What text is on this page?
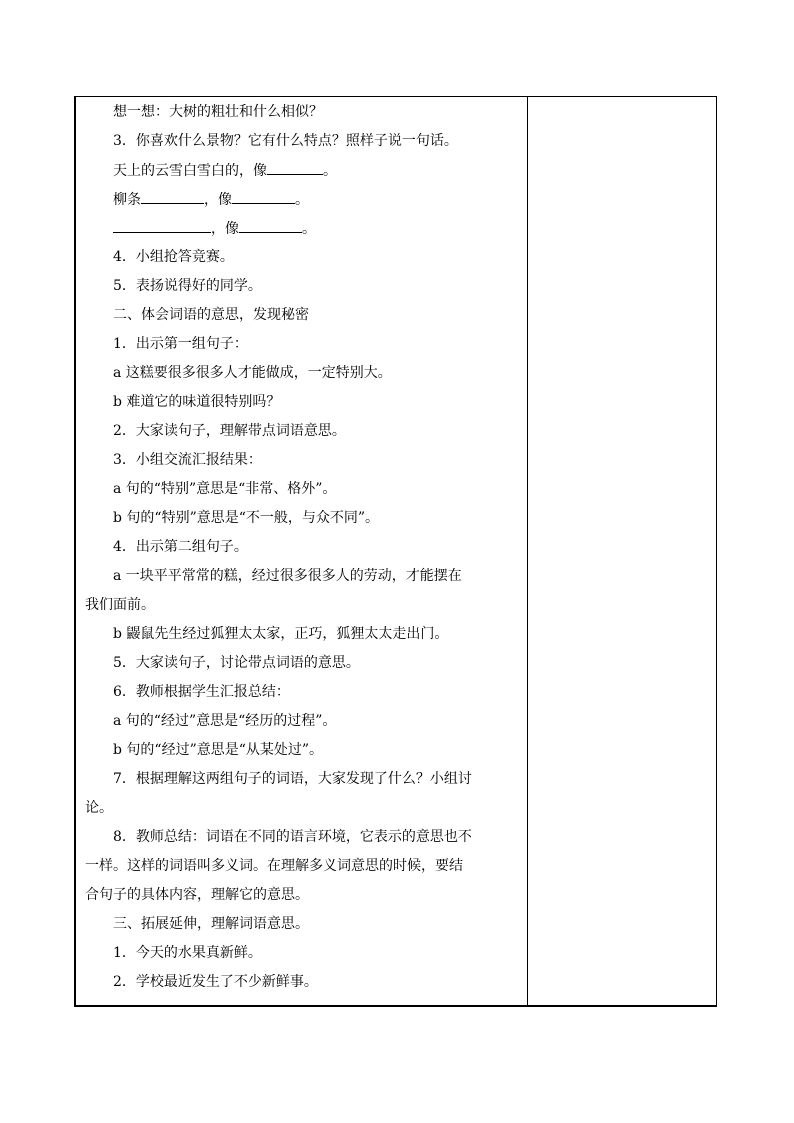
想一想：大树的粗壮和什么相似？
3．你喜欢什么景物？它有什么特点？照样子说一句话。
天上的云雪白雪白的，像	。
柳条	，像	。
，像	。
4．小组抢答竞赛。
5．表扬说得好的同学。
二、体会词语的意思，发现秘密
1．出示第一组句子：
a 这糕要很多很多人才能做成，一定特别大。
b 难道它的味道很特别吗？
2．大家读句子，理解带点词语意思。
3．小组交流汇报结果：
a 句的“特别”意思是“非常、格外”。
b 句的“特别”意思是“不一般，与众不同”。
4．出示第二组句子。
a 一块平平常常的糕，经过很多很多人的劳动，才能摆在
我们面前。
b 鼹鼠先生经过狐狸太太家，正巧，狐狸太太走出门。
5．大家读句子，讨论带点词语的意思。
6．教师根据学生汇报总结：
a 句的“经过”意思是“经历的过程”。
b 句的“经过”意思是“从某处过”。
7．根据理解这两组句子的词语，大家发现了什么？小组讨
论。
8．教师总结：词语在不同的语言环境，它表示的意思也不
一样。这样的词语叫多义词。在理解多义词意思的时候，要结
合句子的具体内容，理解它的意思。
三、拓展延伸，理解词语意思。
1．今天的水果真新鲜。
2．学校最近发生了不少新鲜事。
